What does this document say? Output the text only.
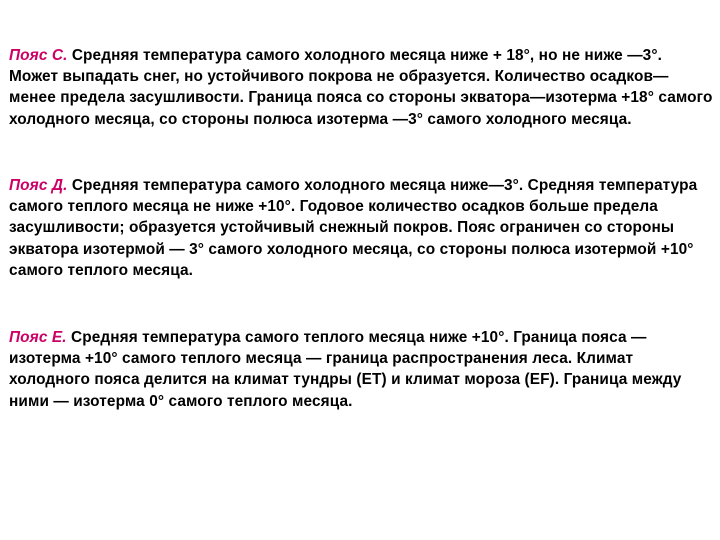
Пояс С. Средняя температура самого холодного месяца ниже + 18°, но не ниже —3°. Может выпадать снег, но устойчивого покрова не образуется. Количество осадков—менее предела засушливости. Граница пояса со стороны экватора—изотерма +18° самого холодного месяца, со стороны полюса изотерма —3° самого холодного месяца.

Пояс Д. Средняя температура самого холодного месяца ниже—3°. Средняя температура самого теплого месяца не ниже +10°. Годовое количество осадков больше предела засушливости; образуется устойчивый снежный покров. Пояс ограничен со стороны экватора изотермой — 3° самого холодного месяца, со стороны полюса изотермой +10° самого теплого месяца.

Пояс Е. Средняя температура самого теплого месяца ниже +10°. Граница пояса — изотерма +10° самого теплого месяца — граница распространения леса. Климат холодного пояса делится на климат тундры (ЕТ) и климат мороза (EF). Граница между ними — изотерма 0° самого теплого месяца.
